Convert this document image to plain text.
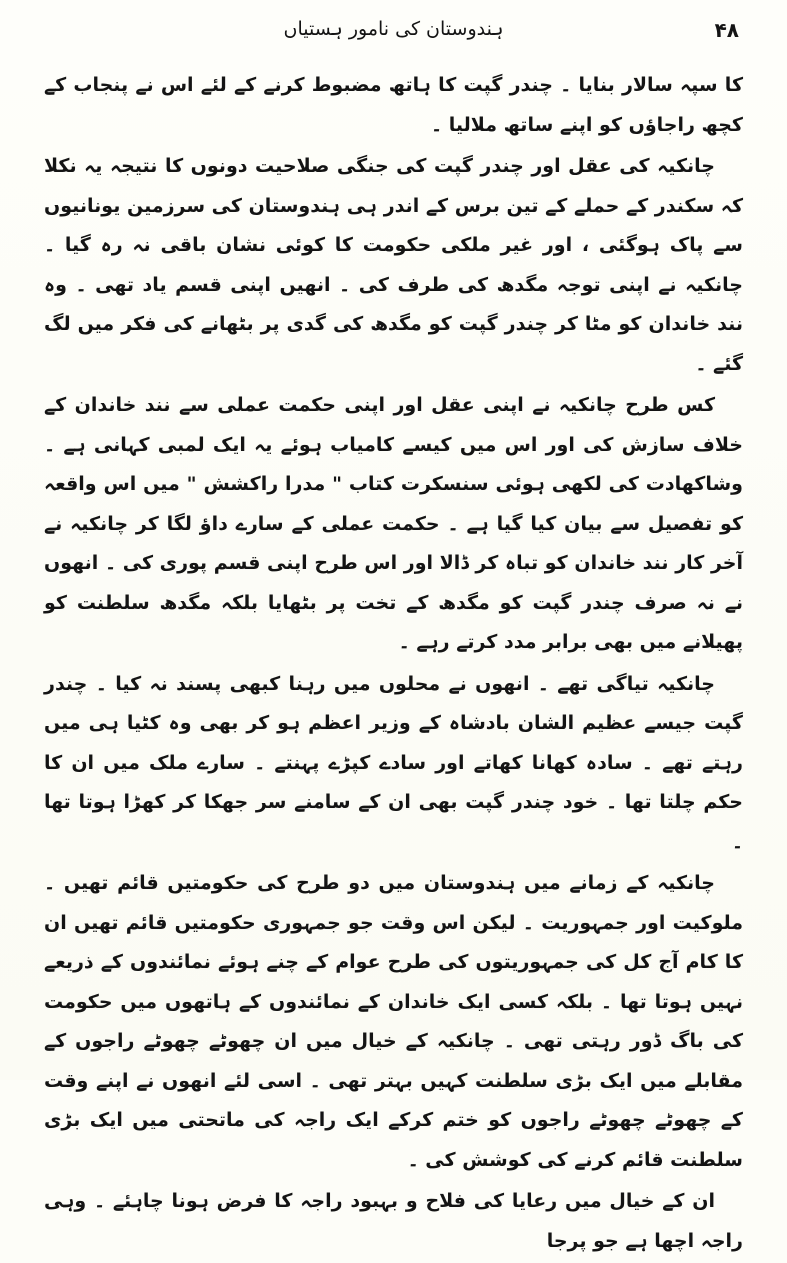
۴۸
ہندوستان کی نامور ہستیاں

کا سپہ سالار بنایا ۔ چندر گپت کا ہاتھ مضبوط کرنے کے لئے اس نے پنجاب کے کچھ راجاؤں کو اپنے ساتھ ملالیا ۔

چانکیہ کی عقل اور چندر گپت کی جنگی صلاحیت دونوں کا نتیجہ یہ نکلا کہ سکندر کے حملے کے تین برس کے اندر ہی ہندوستان کی سرزمین یونانیوں سے پاک ہوگئی ، اور غیر ملکی حکومت کا کوئی نشان باقی نہ رہ گیا ۔ چانکیہ نے اپنی توجہ مگدھ کی طرف کی ۔ انھیں اپنی قسم یاد تھی ۔ وہ نند خاندان کو مٹا کر چندر گپت کو مگدھ کی گدی پر بٹھانے کی فکر میں لگ گئے ۔

کس طرح چانکیہ نے اپنی عقل اور اپنی حکمت عملی سے نند خاندان کے خلاف سازش کی اور اس میں کیسے کامیاب ہوئے یہ ایک لمبی کہانی ہے ۔ وشاکھادت کی لکھی ہوئی سنسکرت کتاب " مدرا راکشش " میں اس واقعہ کو تفصیل سے بیان کیا گیا ہے ۔ حکمت عملی کے سارے داؤ لگا کر چانکیہ نے آخر کار نند خاندان کو تباہ کر ڈالا اور اس طرح اپنی قسم پوری کی ۔ انھوں نے نہ صرف چندر گپت کو مگدھ کے تخت پر بٹھایا بلکہ مگدھ سلطنت کو پھیلانے میں بھی برابر مدد کرتے رہے ۔

چانکیہ تیاگی تھے ۔ انھوں نے محلوں میں رہنا کبھی پسند نہ کیا ۔ چندر گپت جیسے عظیم الشان بادشاہ کے وزیر اعظم ہو کر بھی وہ کٹیا ہی میں رہتے تھے ۔ سادہ کھانا کھاتے اور سادے کپڑے پہنتے ۔ سارے ملک میں ان کا حکم چلتا تھا ۔ خود چندر گپت بھی ان کے سامنے سر جھکا کر کھڑا ہوتا تھا ۔

چانکیہ کے زمانے میں ہندوستان میں دو طرح کی حکومتیں قائم تھیں ۔ ملوکیت اور جمہوریت ۔ لیکن اس وقت جو جمہوری حکومتیں قائم تھیں ان کا کام آج کل کی جمہوریتوں کی طرح عوام کے چنے ہوئے نمائندوں کے ذریعے نہیں ہوتا تھا ۔ بلکہ کسی ایک خاندان کے نمائندوں کے ہاتھوں میں حکومت کی باگ ڈور رہتی تھی ۔ چانکیہ کے خیال میں ان چھوٹے چھوٹے راجوں کے مقابلے میں ایک بڑی سلطنت کہیں بہتر تھی ۔ اسی لئے انھوں نے اپنے وقت کے چھوٹے چھوٹے راجوں کو ختم کرکے ایک راجہ کی ماتحتی میں ایک بڑی سلطنت قائم کرنے کی کوشش کی ۔

ان کے خیال میں رعایا کی فلاح و بہبود راجہ کا فرض ہونا چاہئے ۔ وہی راجہ اچھا ہے جو پرجا
